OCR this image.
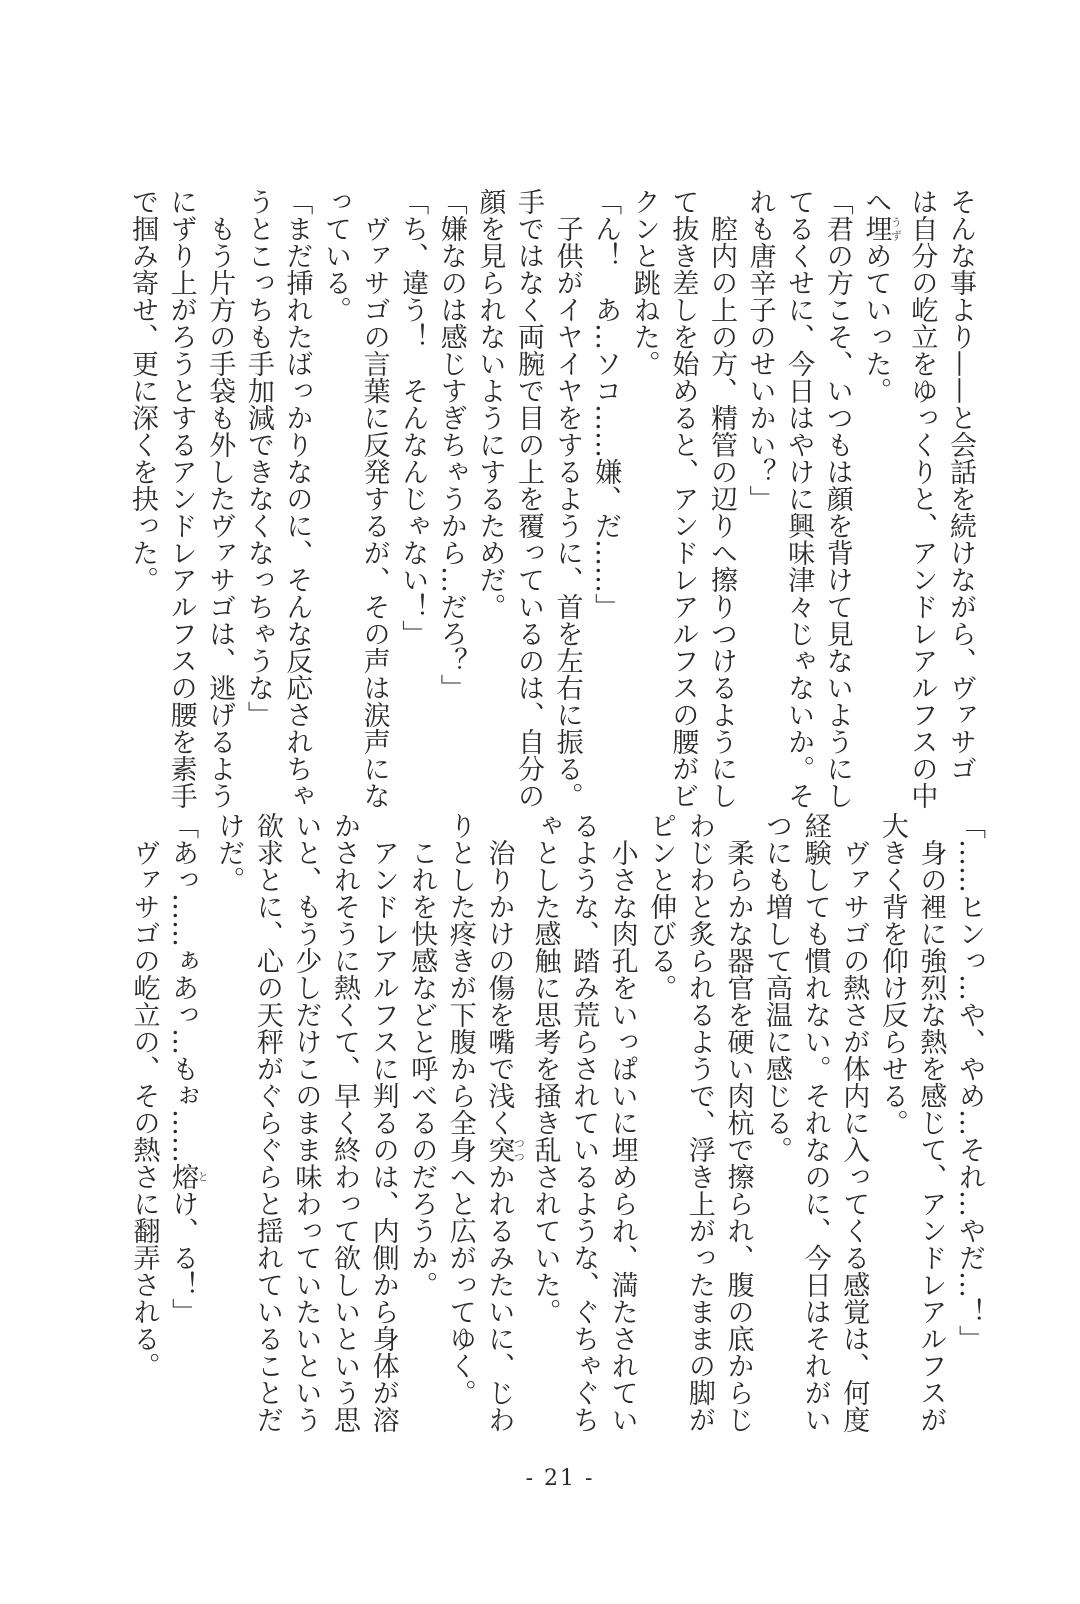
そんな事より——と会話を続けながら、ヴァサゴ
は自分の屹立をゆっくりと、アンドレアルフスの中
へ埋うずめていった。
「君の方こそ、いつもは顔を背けて見ないようにし
てるくせに、今日はやけに興味津々じゃないか。そ
れも唐辛子のせいかい？」
　腔内の上の方、精管の辺りへ擦りつけるようにし
て抜き差しを始めると、アンドレアルフスの腰がビ
クンと跳ねた。
「ん！　あ…ソコ……嫌、だ……」
　子供がイヤイヤをするように、首を左右に振る。
手ではなく両腕で目の上を覆っているのは、自分の
顔を見られないようにするためだ。
「嫌なのは感じすぎちゃうから…だろ？」
「ち、違う！　そんなんじゃない！」
　ヴァサゴの言葉に反発するが、その声は涙声にな
っている。
「まだ挿れたばっかりなのに、そんな反応されちゃ
うとこっちも手加減できなくなっちゃうな」
　もう片方の手袋も外したヴァサゴは、逃げるよう
にずり上がろうとするアンドレアルフスの腰を素手
で掴み寄せ、更に深くを抉った。
「……ヒンっ…や、やめ…それ…やだ…！」
　身の裡に強烈な熱を感じて、アンドレアルフスが
大きく背を仰け反らせる。
　ヴァサゴの熱さが体内に入ってくる感覚は、何度
経験しても慣れない。それなのに、今日はそれがい
つにも増して高温に感じる。
　柔らかな器官を硬い肉杭で擦られ、腹の底からじ
わじわと炙られるようで、浮き上がったままの脚が
ピンと伸びる。
　小さな肉孔をいっぱいに埋められ、満たされてい
るような、踏み荒らされているような、ぐちゃぐち
ゃとした感触に思考を掻き乱されていた。
　治りかけの傷を嘴で浅く突つつかれるみたいに、じわ
りとした疼きが下腹から全身へと広がってゆく。
　これを快感などと呼べるのだろうか。
　アンドレアルフスに判るのは、内側から身体が溶
かされそうに熱くて、早く終わって欲しいという思
いと、もう少しだけこのまま味わっていたいという
欲求とに、心の天秤がぐらぐらと揺れていることだ
けだ。
「あっ……ぁあっ…もぉ……熔とけ、る！」
　ヴァサゴの屹立の、その熱さに翻弄される。
- 21 -
